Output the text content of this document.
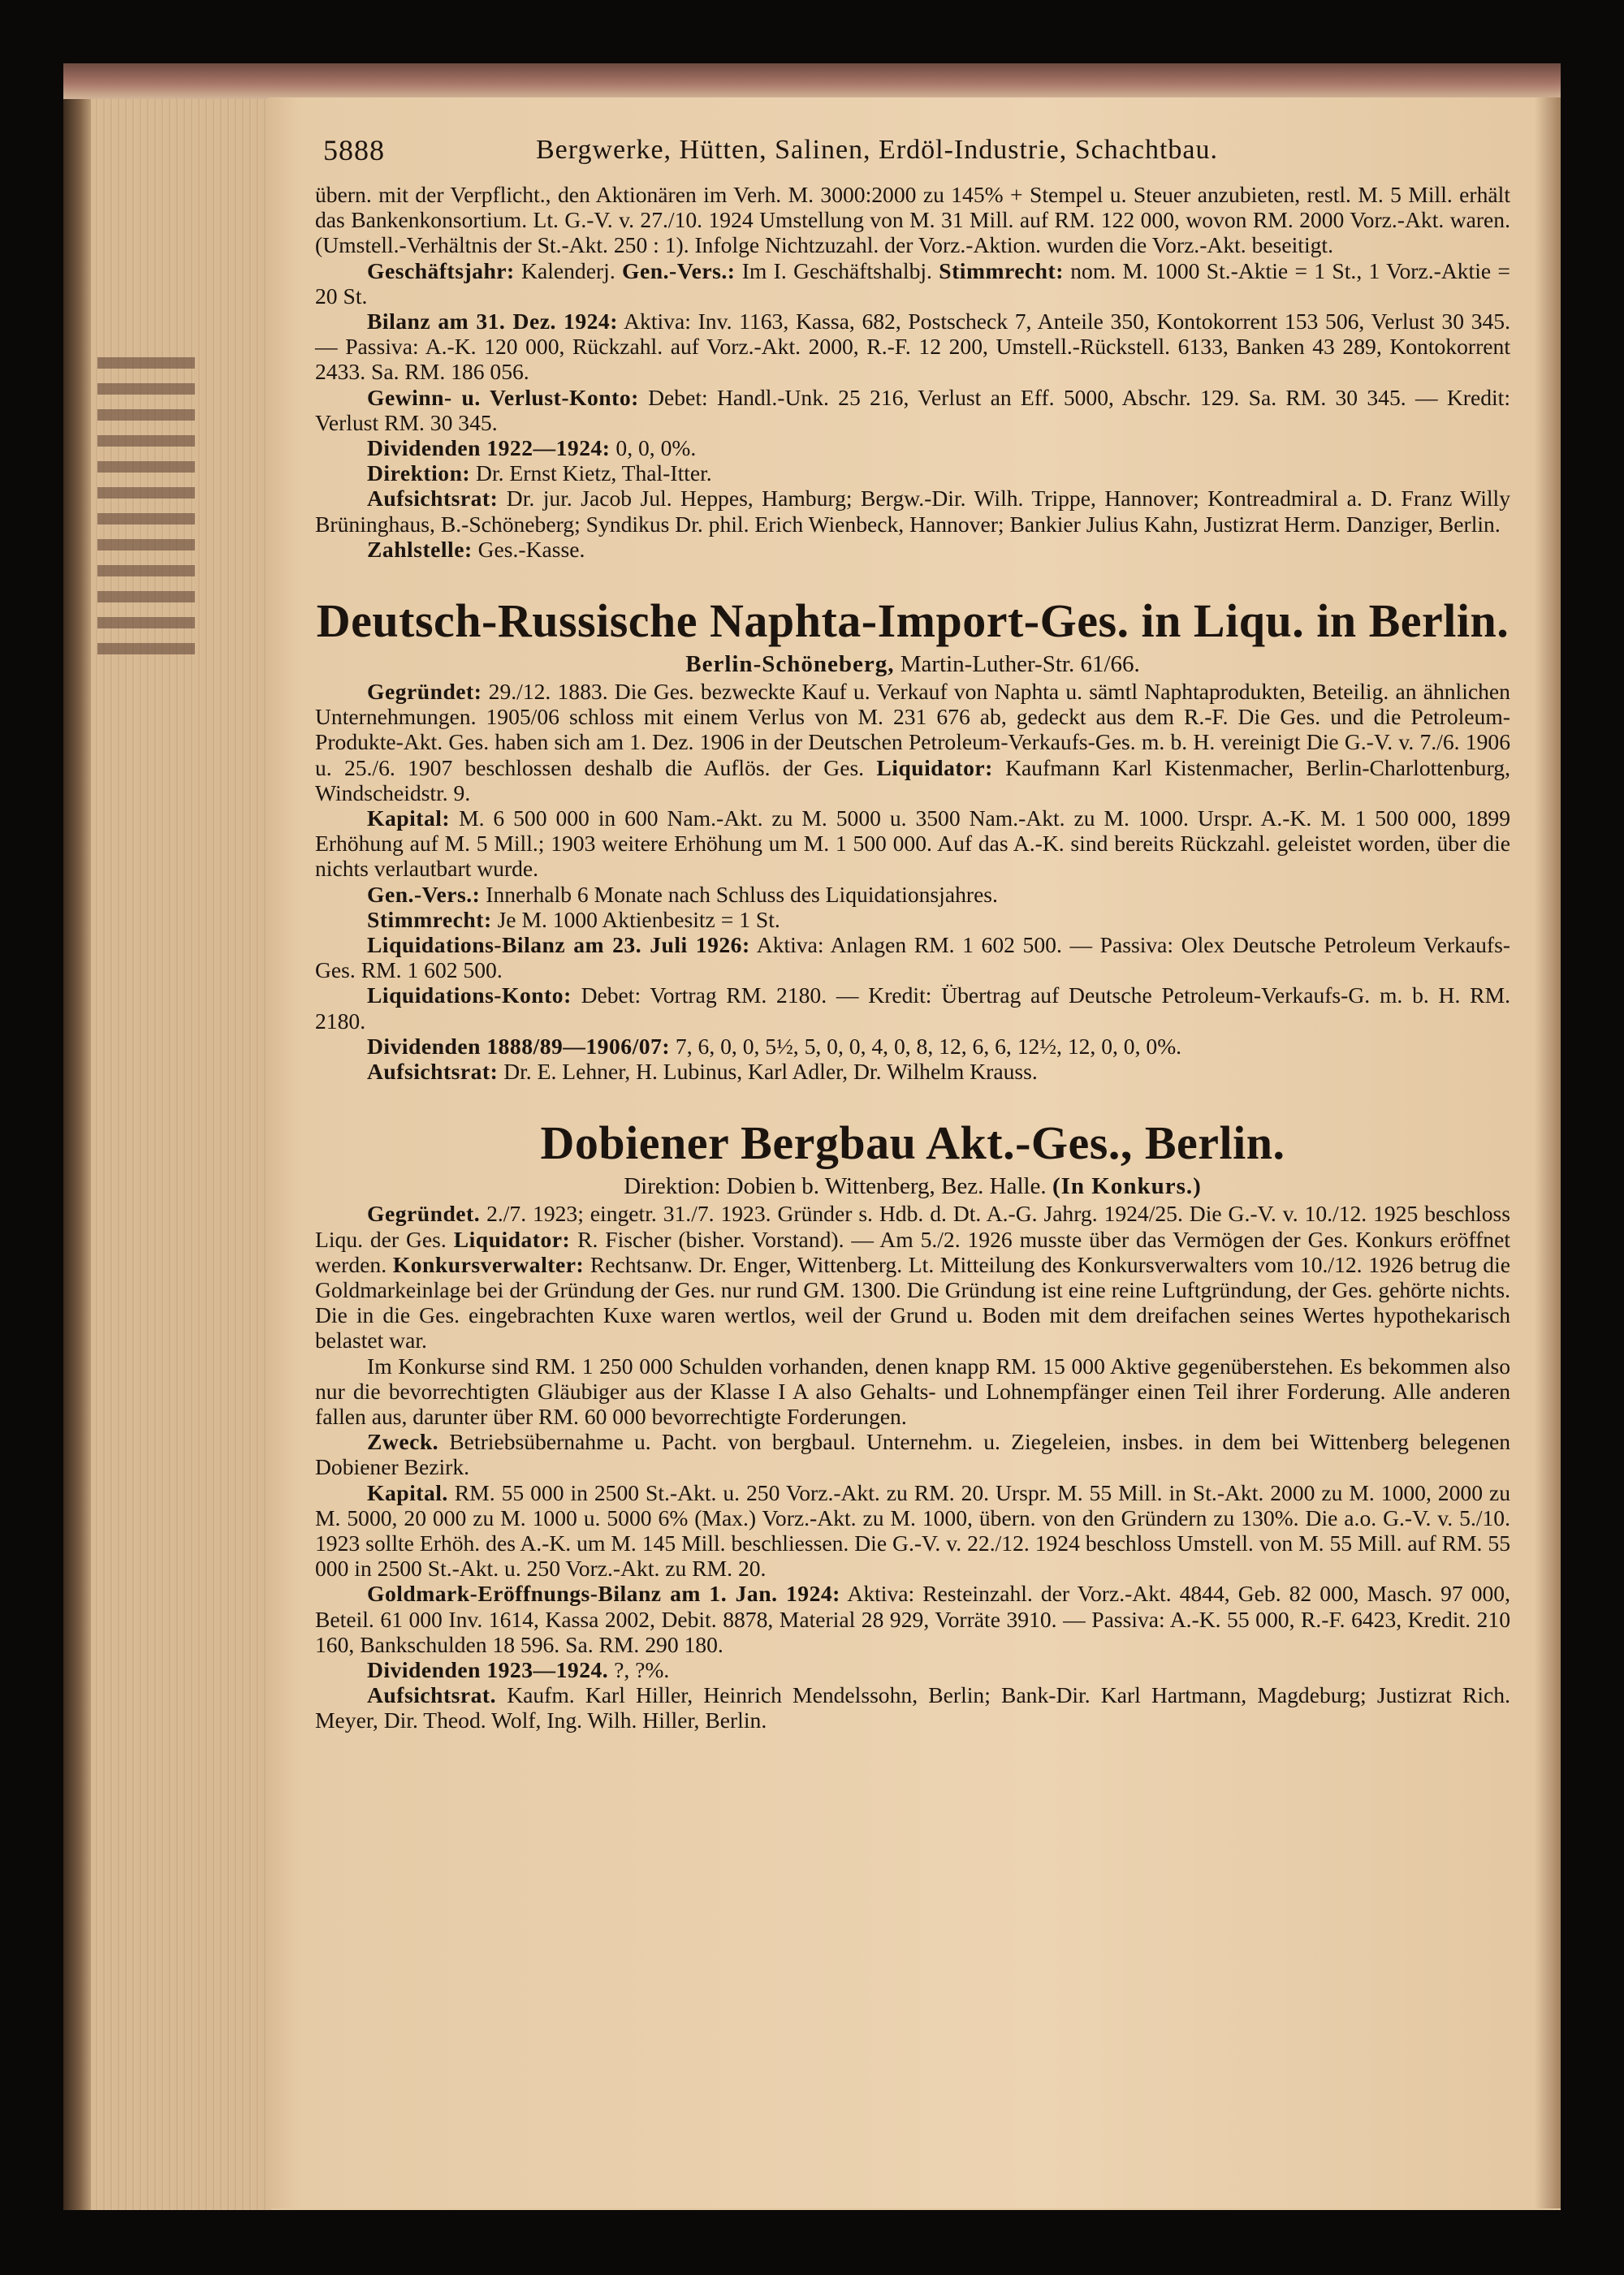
5888	Bergwerke, Hütten, Salinen, Erdöl-Industrie, Schachtbau.

übern. mit der Verpflicht., den Aktionären im Verh. M. 3000:2000 zu 145% + Stempel u. Steuer anzubieten, restl. M. 5 Mill. erhält das Bankenkonsortium. Lt. G.-V. v. 27./10. 1924 Umstellung von M. 31 Mill. auf RM. 122 000, wovon RM. 2000 Vorz.-Akt. waren. (Umstell.-Verhältnis der St.-Akt. 250 : 1). Infolge Nichtzuzahl. der Vorz.-Aktion. wurden die Vorz.-Akt. beseitigt.

Geschäftsjahr: Kalenderj. Gen.-Vers.: Im I. Geschäftshalbj. Stimmrecht: nom. M. 1000 St.-Aktie = 1 St., 1 Vorz.-Aktie = 20 St.

Bilanz am 31. Dez. 1924: Aktiva: Inv. 1163, Kassa, 682, Postscheck 7, Anteile 350, Kontokorrent 153 506, Verlust 30 345. — Passiva: A.-K. 120 000, Rückzahl. auf Vorz.-Akt. 2000, R.-F. 12 200, Umstell.-Rückstell. 6133, Banken 43 289, Kontokorrent 2433. Sa. RM. 186 056.

Gewinn- u. Verlust-Konto: Debet: Handl.-Unk. 25 216, Verlust an Eff. 5000, Abschr. 129. Sa. RM. 30 345. — Kredit: Verlust RM. 30 345.

Dividenden 1922—1924: 0, 0, 0%.

Direktion: Dr. Ernst Kietz, Thal-Itter.

Aufsichtsrat: Dr. jur. Jacob Jul. Heppes, Hamburg; Bergw.-Dir. Wilh. Trippe, Hannover; Kontreadmiral a. D. Franz Willy Brüninghaus, B.-Schöneberg; Syndikus Dr. phil. Erich Wienbeck, Hannover; Bankier Julius Kahn, Justizrat Herm. Danziger, Berlin.

Zahlstelle: Ges.-Kasse.

Deutsch-Russische Naphta-Import-Ges. in Liqu. in Berlin.
Berlin-Schöneberg, Martin-Luther-Str. 61/66.

Gegründet: 29./12. 1883. Die Ges. bezweckte Kauf u. Verkauf von Naphta u. sämtl Naphtaprodukten, Beteilig. an ähnlichen Unternehmungen. 1905/06 schloss mit einem Verlus von M. 231 676 ab, gedeckt aus dem R.-F. Die Ges. und die Petroleum-Produkte-Akt. Ges. haben sich am 1. Dez. 1906 in der Deutschen Petroleum-Verkaufs-Ges. m. b. H. vereinigt Die G.-V. v. 7./6. 1906 u. 25./6. 1907 beschlossen deshalb die Auflös. der Ges. Liquidator: Kaufmann Karl Kistenmacher, Berlin-Charlottenburg, Windscheidstr. 9.

Kapital: M. 6 500 000 in 600 Nam.-Akt. zu M. 5000 u. 3500 Nam.-Akt. zu M. 1000. Urspr. A.-K. M. 1 500 000, 1899 Erhöhung auf M. 5 Mill.; 1903 weitere Erhöhung um M. 1 500 000. Auf das A.-K. sind bereits Rückzahl. geleistet worden, über die nichts verlautbart wurde.

Gen.-Vers.: Innerhalb 6 Monate nach Schluss des Liquidationsjahres.

Stimmrecht: Je M. 1000 Aktienbesitz = 1 St.

Liquidations-Bilanz am 23. Juli 1926: Aktiva: Anlagen RM. 1 602 500. — Passiva: Olex Deutsche Petroleum Verkaufs-Ges. RM. 1 602 500.

Liquidations-Konto: Debet: Vortrag RM. 2180. — Kredit: Übertrag auf Deutsche Petroleum-Verkaufs-G. m. b. H. RM. 2180.

Dividenden 1888/89—1906/07: 7, 6, 0, 0, 5½, 5, 0, 0, 4, 0, 8, 12, 6, 6, 12½, 12, 0, 0, 0%.

Aufsichtsrat: Dr. E. Lehner, H. Lubinus, Karl Adler, Dr. Wilhelm Krauss.

Dobiener Bergbau Akt.-Ges., Berlin.
Direktion: Dobien b. Wittenberg, Bez. Halle. (In Konkurs.)

Gegründet. 2./7. 1923; eingetr. 31./7. 1923. Gründer s. Hdb. d. Dt. A.-G. Jahrg. 1924/25. Die G.-V. v. 10./12. 1925 beschloss Liqu. der Ges. Liquidator: R. Fischer (bisher. Vorstand). — Am 5./2. 1926 musste über das Vermögen der Ges. Konkurs eröffnet werden. Konkursverwalter: Rechtsanw. Dr. Enger, Wittenberg. Lt. Mitteilung des Konkursverwalters vom 10./12. 1926 betrug die Goldmarkeinlage bei der Gründung der Ges. nur rund GM. 1300. Die Gründung ist eine reine Luftgründung, der Ges. gehörte nichts. Die in die Ges. eingebrachten Kuxe waren wertlos, weil der Grund u. Boden mit dem dreifachen seines Wertes hypothekarisch belastet war.

Im Konkurse sind RM. 1 250 000 Schulden vorhanden, denen knapp RM. 15 000 Aktive gegenüberstehen. Es bekommen also nur die bevorrechtigten Gläubiger aus der Klasse I A also Gehalts- und Lohnempfänger einen Teil ihrer Forderung. Alle anderen fallen aus, darunter über RM. 60 000 bevorrechtigte Forderungen.

Zweck. Betriebsübernahme u. Pacht. von bergbaul. Unternehm. u. Ziegeleien, insbes. in dem bei Wittenberg belegenen Dobiener Bezirk.

Kapital. RM. 55 000 in 2500 St.-Akt. u. 250 Vorz.-Akt. zu RM. 20. Urspr. M. 55 Mill. in St.-Akt. 2000 zu M. 1000, 2000 zu M. 5000, 20 000 zu M. 1000 u. 5000 6% (Max.) Vorz.-Akt. zu M. 1000, übern. von den Gründern zu 130%. Die a.o. G.-V. v. 5./10. 1923 sollte Erhöh. des A.-K. um M. 145 Mill. beschliessen. Die G.-V. v. 22./12. 1924 beschloss Umstell. von M. 55 Mill. auf RM. 55 000 in 2500 St.-Akt. u. 250 Vorz.-Akt. zu RM. 20.

Goldmark-Eröffnungs-Bilanz am 1. Jan. 1924: Aktiva: Resteinzahl. der Vorz.-Akt. 4844, Geb. 82 000, Masch. 97 000, Beteil. 61 000 Inv. 1614, Kassa 2002, Debit. 8878, Material 28 929, Vorräte 3910. — Passiva: A.-K. 55 000, R.-F. 6423, Kredit. 210 160, Bankschulden 18 596. Sa. RM. 290 180.

Dividenden 1923—1924. ?, ?%.

Aufsichtsrat. Kaufm. Karl Hiller, Heinrich Mendelssohn, Berlin; Bank-Dir. Karl Hartmann, Magdeburg; Justizrat Rich. Meyer, Dir. Theod. Wolf, Ing. Wilh. Hiller, Berlin.
